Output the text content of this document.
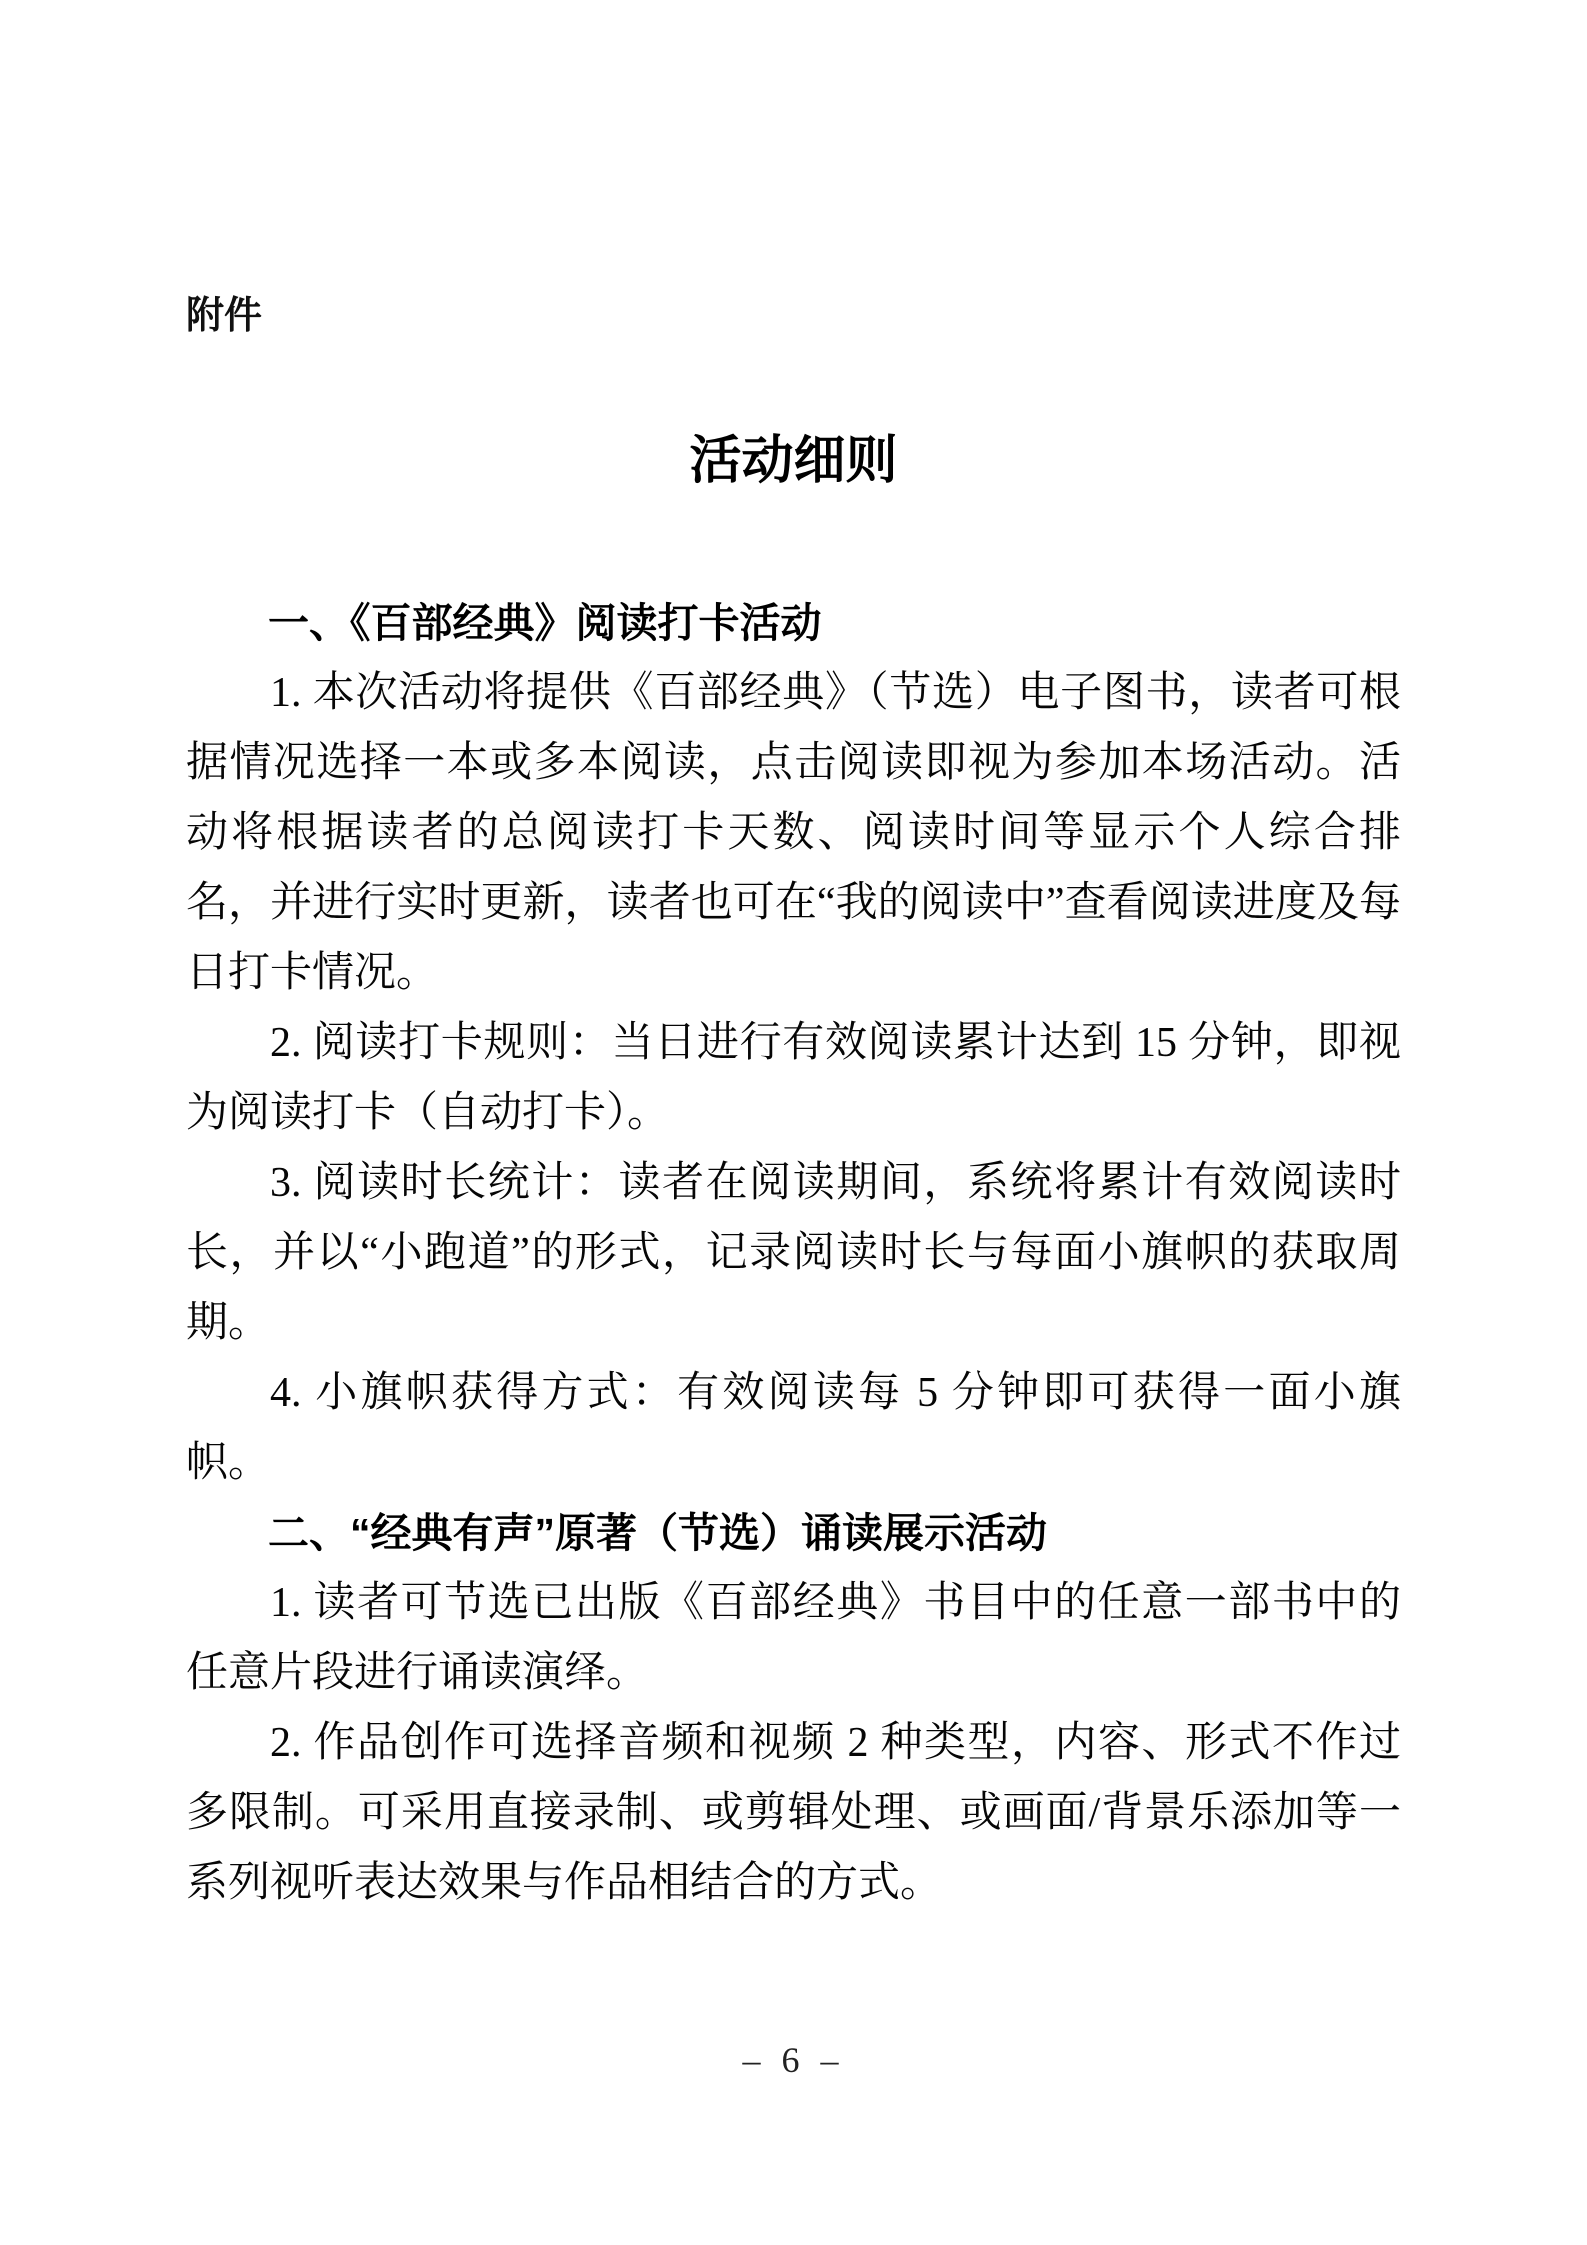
附件
活动细则
一、《百部经典》阅读打卡活动

1. 本次活动将提供《百部经典》（节选）电子图书，读者可根据情况选择一本或多本阅读，点击阅读即视为参加本场活动。活动将根据读者的总阅读打卡天数、阅读时间等显示个人综合排名，并进行实时更新，读者也可在“我的阅读中”查看阅读进度及每日打卡情况。

2. 阅读打卡规则：当日进行有效阅读累计达到 15 分钟，即视为阅读打卡（自动打卡）。

3. 阅读时长统计：读者在阅读期间，系统将累计有效阅读时长，并以“小跑道”的形式，记录阅读时长与每面小旗帜的获取周期。

4. 小旗帜获得方式：有效阅读每 5 分钟即可获得一面小旗帜。

二、“经典有声”原著（节选）诵读展示活动

1. 读者可节选已出版《百部经典》书目中的任意一部书中的任意片段进行诵读演绎。

2. 作品创作可选择音频和视频 2 种类型，内容、形式不作过多限制。可采用直接录制、或剪辑处理、或画面/背景乐添加等一系列视听表达效果与作品相结合的方式。

– 6 –
